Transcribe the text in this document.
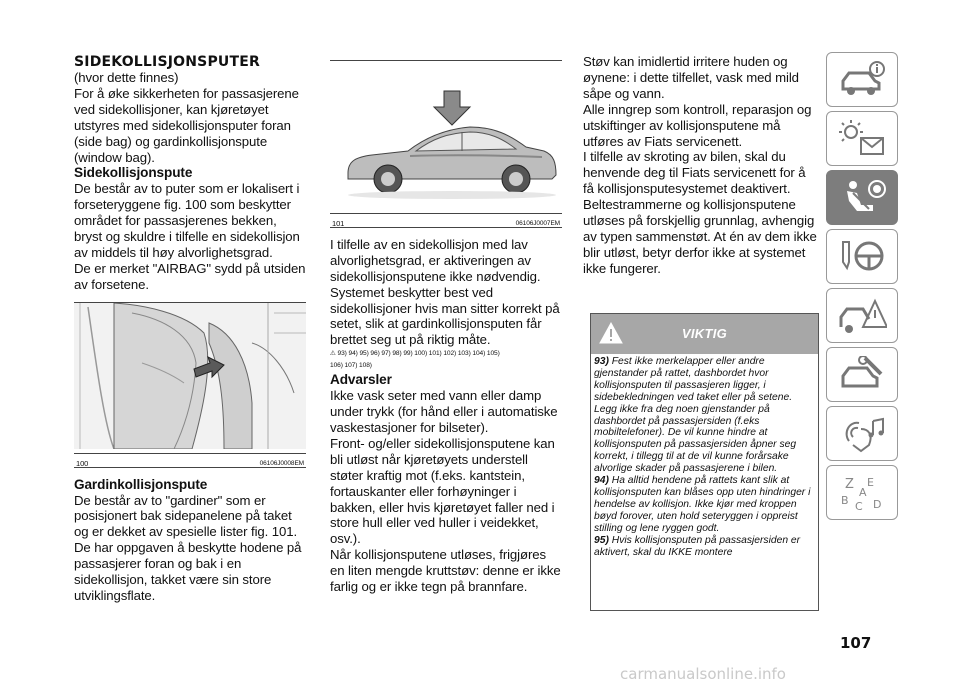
SIDEKOLLISJONSPUTER

(hvor dette finnes)

For å øke sikkerheten for passasjerene ved sidekollisjoner, kan kjøretøyet utstyres med sidekollisjonsputer foran (side bag) og gardinkollisjonspute (window bag).

Sidekollisjonspute

De består av to puter som er lokalisert i forseteryggene fig. 100 som beskytter området for passasjerenes bekken, bryst og skuldre i tilfelle en sidekollisjon av middels til høy alvorlighetsgrad.

De er merket "AIRBAG" sydd på utsiden av forsetene.

100	06106J0008EM

Gardinkollisjonspute

De består av to "gardiner" som er posisjonert bak sidepanelene på taket og er dekket av spesielle lister fig. 101.

De har oppgaven å beskytte hodene på passasjerer foran og bak i en sidekollisjon, takket være sin store utviklingsflate.

101	06106J0007EM

I tilfelle av en sidekollisjon med lav alvorlighetsgrad, er aktiveringen av sidekollisjonsputene ikke nødvendig.

Systemet beskytter best ved sidekollisjoner hvis man sitter korrekt på setet, slik at gardinkollisjonsputen får brettet seg ut på riktig måte.

⚠ 93) 94) 95) 96) 97) 98) 99) 100) 101) 102) 103) 104) 105)

106) 107) 108)

Advarsler

Ikke vask seter med vann eller damp under trykk (for hånd eller i automatiske vaskestasjoner for bilseter).

Front- og/eller sidekollisjonsputene kan bli utløst når kjøretøyets understell støter kraftig mot (f.eks. kantstein, fortauskanter eller forhøyninger i bakken, eller hvis kjøretøyet faller ned i store hull eller ved huller i veidekket, osv.).

Når kollisjonsputene utløses, frigjøres en liten mengde kruttstøv: denne er ikke farlig og er ikke tegn på brannfare.

Støv kan imidlertid irritere huden og øynene: i dette tilfellet, vask med mild såpe og vann.

Alle inngrep som kontroll, reparasjon og utskiftinger av kollisjonsputene må utføres av Fiats servicenett.

I tilfelle av skroting av bilen, skal du henvende deg til Fiats servicenett for å få kollisjonsputesystemet deaktivert.

Beltestrammerne og kollisjonsputene utløses på forskjellig grunnlag, avhengig av typen sammenstøt. At én av dem ikke blir utløst, betyr derfor ikke at systemet ikke fungerer.

VIKTIG

93) Fest ikke merkelapper eller andre gjenstander på rattet, dashbordet hvor kollisjonsputen til passasjeren ligger, i sidebekledningen ved taket eller på setene. Legg ikke fra deg noen gjenstander på dashbordet på passasjersiden (f.eks mobiltelefoner). De vil kunne hindre at kollisjonsputen på passasjersiden åpner seg korrekt, i tillegg til at de vil kunne forårsake alvorlige skader på passasjerene i bilen.

94) Ha alltid hendene på rattets kant slik at kollisjonsputen kan blåses opp uten hindringer i hendelse av kollisjon. Ikke kjør med kroppen bøyd forover, uten hold seteryggen i oppreist stilling og lene ryggen godt.

95) Hvis kollisjonsputen på passasjersiden er aktivert, skal du IKKE montere

Z E
B C D
A
107
carmanualsonline.info
